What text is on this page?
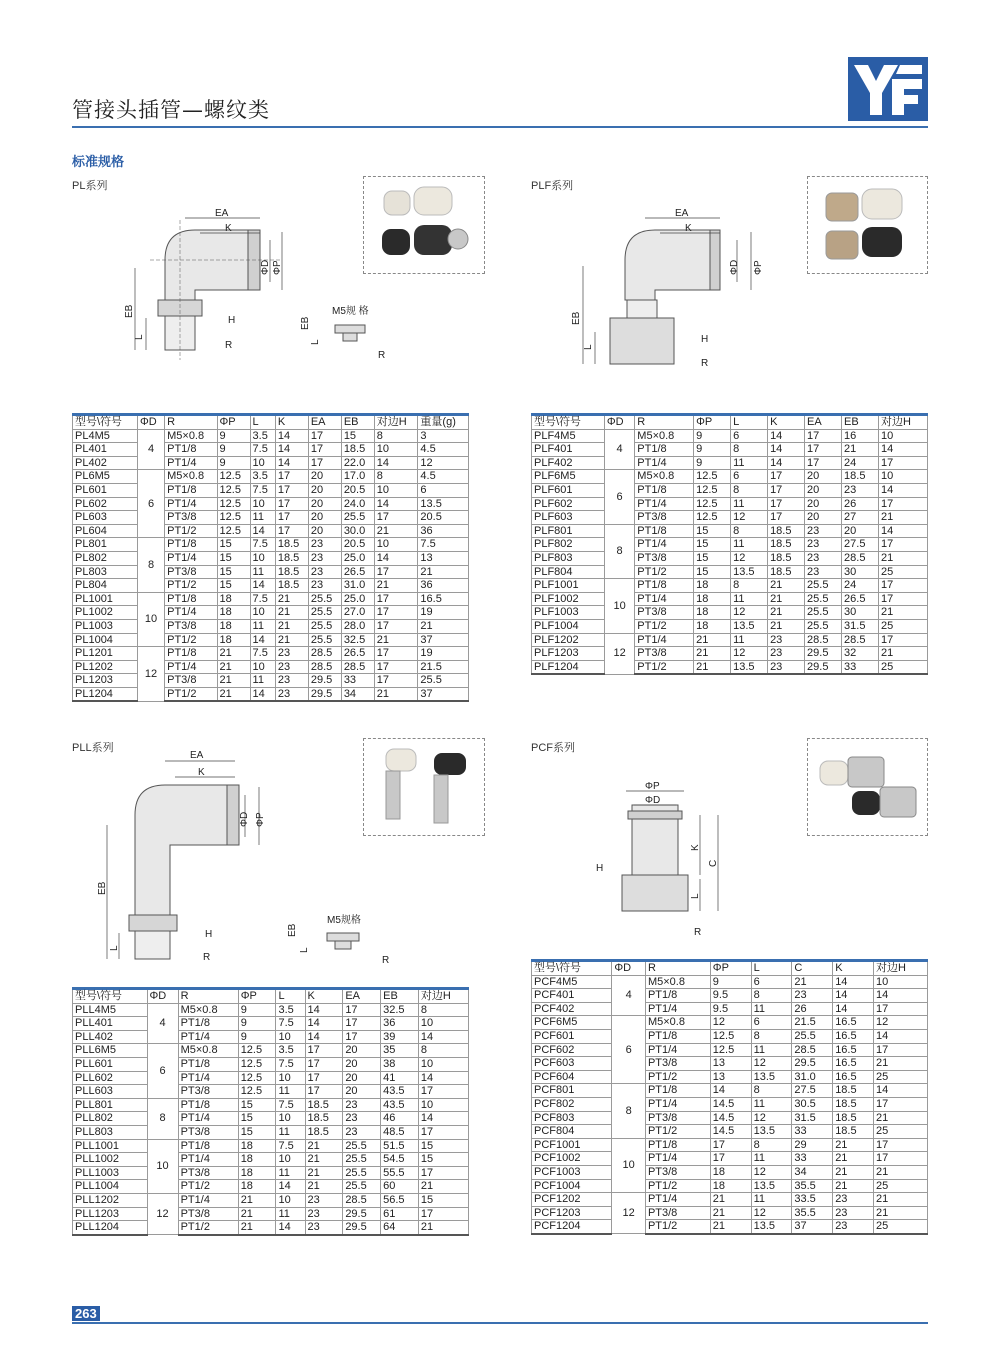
管接头插管—螺纹类
标准规格
PL系列
EA
K
ΦD ΦP
EB
L
H
R
M5规 格
EB
L
R
型号\符号	ΦD	R	ΦP	L	K	EA	EB	对边H	重量(g)
PL4M5	4	M5×0.8	9	3.5	14	17	15	8	3
PL401		PT1/8	9	7.5	14	17	18.5	10	4.5
PL402		PT1/4	9	10	14	17	22.0	14	12
PL6M5	6	M5×0.8	12.5	3.5	17	20	17.0	8	4.5
PL601		PT1/8	12.5	7.5	17	20	20.5	10	6
PL602		PT1/4	12.5	10	17	20	24.0	14	13.5
PL603		PT3/8	12.5	11	17	20	25.5	17	20.5
PL604		PT1/2	12.5	14	17	20	30.0	21	36
PL801	8	PT1/8	15	7.5	18.5	23	20.5	10	7.5
PL802		PT1/4	15	10	18.5	23	25.0	14	13
PL803		PT3/8	15	11	18.5	23	26.5	17	21
PL804		PT1/2	15	14	18.5	23	31.0	21	36
PL1001	10	PT1/8	18	7.5	21	25.5	25.0	17	16.5
PL1002		PT1/4	18	10	21	25.5	27.0	17	19
PL1003		PT3/8	18	11	21	25.5	28.0	17	21
PL1004		PT1/2	18	14	21	25.5	32.5	21	37
PL1201	12	PT1/8	21	7.5	23	28.5	26.5	17	19
PL1202		PT1/4	21	10	23	28.5	28.5	17	21.5
PL1203		PT3/8	21	11	23	29.5	33	17	25.5
PL1204		PT1/2	21	14	23	29.5	34	21	37
PLF系列
EA
K
ΦD ΦP
EB
L
H
R
型号\符号	ΦD	R	ΦP	L	K	EA	EB	对边H
PLF4M5	4	M5×0.8	9	6	14	17	16	10
PLF401		PT1/8	9	8	14	17	21	14
PLF402		PT1/4	9	11	14	17	24	17
PLF6M5	6	M5×0.8	12.5	6	17	20	18.5	10
PLF601		PT1/8	12.5	8	17	20	23	14
PLF602		PT1/4	12.5	11	17	20	26	17
PLF603		PT3/8	12.5	12	17	20	27	21
PLF801	8	PT1/8	15	8	18.5	23	20	14
PLF802		PT1/4	15	11	18.5	23	27.5	17
PLF803		PT3/8	15	12	18.5	23	28.5	21
PLF804		PT1/2	15	13.5	18.5	23	30	25
PLF1001	10	PT1/8	18	8	21	25.5	24	17
PLF1002		PT1/4	18	11	21	25.5	26.5	17
PLF1003		PT3/8	18	12	21	25.5	30	21
PLF1004		PT1/2	18	13.5	21	25.5	31.5	25
PLF1202	12	PT1/4	21	11	23	28.5	28.5	17
PLF1203		PT3/8	21	12	23	29.5	32	21
PLF1204		PT1/2	21	13.5	23	29.5	33	25
PLL系列
EA
K
ΦD ΦP
EB
L
H
R
M5规格
EB
L
R
型号\符号	ΦD	R	ΦP	L	K	EA	EB	对边H
PLL4M5	4	M5×0.8	9	3.5	14	17	32.5	8
PLL401		PT1/8	9	7.5	14	17	36	10
PLL402		PT1/4	9	10	14	17	39	14
PLL6M5	6	M5×0.8	12.5	3.5	17	20	35	8
PLL601		PT1/8	12.5	7.5	17	20	38	10
PLL602		PT1/4	12.5	10	17	20	41	14
PLL603		PT3/8	12.5	11	17	20	43.5	17
PLL801	8	PT1/8	15	7.5	18.5	23	43.5	10
PLL802		PT1/4	15	10	18.5	23	46	14
PLL803		PT3/8	15	11	18.5	23	48.5	17
PLL1001	10	PT1/8	18	7.5	21	25.5	51.5	15
PLL1002		PT1/4	18	10	21	25.5	54.5	15
PLL1003		PT3/8	18	11	21	25.5	55.5	17
PLL1004		PT1/2	18	14	21	25.5	60	21
PLL1202	12	PT1/4	21	10	23	28.5	56.5	15
PLL1203		PT3/8	21	11	23	29.5	61	17
PLL1204		PT1/2	21	14	23	29.5	64	21
PCF系列
ΦP
ΦD
K
C
L
H
R
型号\符号	ΦD	R	ΦP	L	C	K	对边H
PCF4M5	4	M5×0.8	9	6	21	14	10
PCF401		PT1/8	9.5	8	23	14	14
PCF402		PT1/4	9.5	11	26	14	17
PCF6M5	6	M5×0.8	12	6	21.5	16.5	12
PCF601		PT1/8	12.5	8	25.5	16.5	14
PCF602		PT1/4	12.5	11	28.5	16.5	17
PCF603		PT3/8	13	12	29.5	16.5	21
PCF604		PT1/2	13	13.5	31.0	16.5	25
PCF801	8	PT1/8	14	8	27.5	18.5	14
PCF802		PT1/4	14.5	11	30.5	18.5	17
PCF803		PT3/8	14.5	12	31.5	18.5	21
PCF804		PT1/2	14.5	13.5	33	18.5	25
PCF1001	10	PT1/8	17	8	29	21	17
PCF1002		PT1/4	17	11	33	21	17
PCF1003		PT3/8	18	12	34	21	21
PCF1004		PT1/2	18	13.5	35.5	21	25
PCF1202	12	PT1/4	21	11	33.5	23	21
PCF1203		PT3/8	21	12	35.5	23	21
PCF1204		PT1/2	21	13.5	37	23	25
263
